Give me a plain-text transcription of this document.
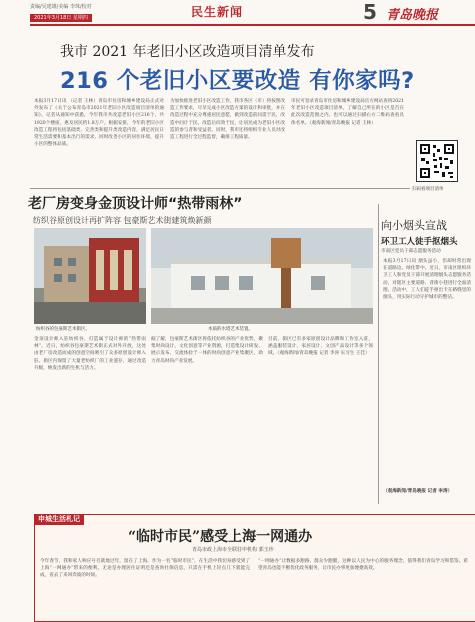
责编/吴建雄/美编 李珠/校对
2021年3月18日 星期四	民生新闻	5 青岛晚报
我市 2021 年老旧小区改造项目清单发布
216 个老旧小区要改造 有你家吗?
本报3月17日讯 （记者 王林）青岛市住房和城乡建设局正式对外发布了《关于公布青岛市2021年老旧小区改造项目清单的通知》。记者从通知中获悉，今年我市共改造老旧小区216个，共1920个楼座，惠及居民约1.8万户。根据安排，今年的老旧小区改造工程将包括基础类、完善类和提升类改造内容，满足居民日常生活需要和基本出行的需求，同时改善小区的居住环境，提升小区的整体品质。
为加快推进老旧小区改造工作，我市各区（市）将按照改造工作要求，尽早完成小区改造方案的设计和审批，并在改造过程中充分尊重居民意愿，做到改造前问需于民、改造中问计于民、改造后问效于民，让居民成为老旧小区改造的参与者和受益者。同时，我市还将组织专业人员对改造工程进行全过程监督，确保工程质量。
市民可登录青岛市住房和城乡建设局官方网站查询2021年老旧小区改造项目清单，了解自己所在的小区是否在此次改造范围之内。也可以通过扫描右方二维码查看具体名单。（观海新闻/青岛晚报 记者 王林）
扫码看项目清单
老厂房变身金顶设计师“热带雨林”
纺织谷原创设计再扩阵容 包豪斯艺术街建筑焕新颜
纺织谷的包豪斯艺术街区。	木质的水塔艺术装置。
金顶设计师入驻纺织谷，打造属于设计师的“热带雨林”。近日，纺织谷包豪斯艺术街正式对外开放，这处由老厂房改造而成的创意空间吸引了众多原创设计师入驻。街区内保留了大量老纺织厂的工业遗存，通过改造升级，焕发出新的生机与活力。
据了解，包豪斯艺术街区将依托纺织谷的产业优势，聚集时尚设计、文化创意等产业资源，打造集设计研发、展示发布、交流体验于一体的时尚创意产业集聚区，助力青岛时尚产业发展。
目前，街区已有多家原创设计品牌和工作室入驻，涵盖服装设计、家居设计、文创产品设计等多个领域。（观海新闻/青岛晚报 记者 李涛 实习生 王佳）
向小烟头宣战
环卫工人徒手抠烟头
市南区党员干部志愿服务活动
本报3月17日讯 烟头虽小，但却时常出现在道路边、绿化带中。近日，市南区组织环卫工人和党员干部开展清理烟头志愿服务活动，对辖区主要道路、背街小巷进行全面清理。活动中，工人们徒手抠出卡在路缝里的烟头，用实际行动守护城市的整洁。
（观海新闻/青岛晚报 记者 李涛）
申城生活札记
“临时市民”感受上海一网通办
青岛市政上海市全联驻申机构 郭玉珍
今年春节，我和家人响应号召就地过年，留在了上海。作为一名“临时市民”，在生活中我切身感受到了上海“一网通办”带来的便利。无论是办理居住证明还是查询社保信息，只需在手机上轻点几下就能完成，省去了来回奔波的时间。
“一网通办”让数据多跑路、群众少跑腿，这种以人民为中心的服务理念，值得我们青岛学习和借鉴。希望青岛也能不断优化政务服务，让市民办事更加便捷高效。
